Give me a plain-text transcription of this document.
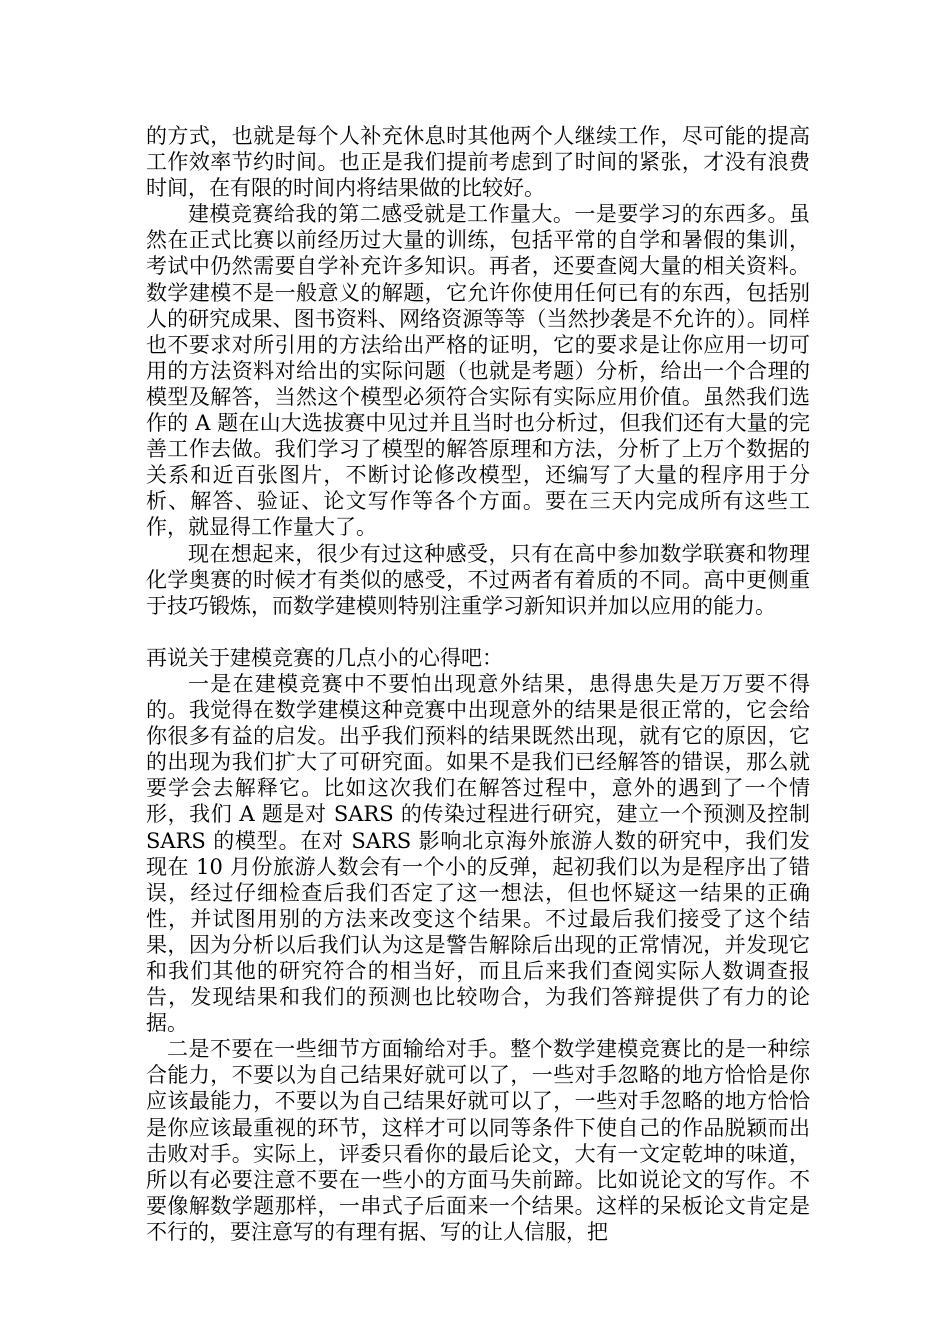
的方式，也就是每个人补充休息时其他两个人继续工作，尽可能的提高工作效率节约时间。也正是我们提前考虑到了时间的紧张，才没有浪费时间，在有限的时间内将结果做的比较好。

建模竞赛给我的第二感受就是工作量大。一是要学习的东西多。虽然在正式比赛以前经历过大量的训练，包括平常的自学和暑假的集训，考试中仍然需要自学补充许多知识。再者，还要查阅大量的相关资料。数学建模不是一般意义的解题，它允许你使用任何已有的东西，包括别人的研究成果、图书资料、网络资源等等（当然抄袭是不允许的）。同样也不要求对所引用的方法给出严格的证明，它的要求是让你应用一切可用的方法资料对给出的实际问题（也就是考题）分析，给出一个合理的模型及解答，当然这个模型必须符合实际有实际应用价值。虽然我们选作的 A 题在山大选拔赛中见过并且当时也分析过，但我们还有大量的完善工作去做。我们学习了模型的解答原理和方法，分析了上万个数据的关系和近百张图片，不断讨论修改模型，还编写了大量的程序用于分析、解答、验证、论文写作等各个方面。要在三天内完成所有这些工作，就显得工作量大了。

现在想起来，很少有过这种感受，只有在高中参加数学联赛和物理化学奥赛的时候才有类似的感受，不过两者有着质的不同。高中更侧重于技巧锻炼，而数学建模则特别注重学习新知识并加以应用的能力。

再说关于建模竞赛的几点小的心得吧：

一是在建模竞赛中不要怕出现意外结果，患得患失是万万要不得的。我觉得在数学建模这种竞赛中出现意外的结果是很正常的，它会给你很多有益的启发。出乎我们预料的结果既然出现，就有它的原因，它的出现为我们扩大了可研究面。如果不是我们已经解答的错误，那么就要学会去解释它。比如这次我们在解答过程中，意外的遇到了一个情形，我们 A 题是对 SARS 的传染过程进行研究，建立一个预测及控制 SARS 的模型。在对 SARS 影响北京海外旅游人数的研究中，我们发现在 10 月份旅游人数会有一个小的反弹，起初我们以为是程序出了错误，经过仔细检查后我们否定了这一想法，但也怀疑这一结果的正确性，并试图用别的方法来改变这个结果。不过最后我们接受了这个结果，因为分析以后我们认为这是警告解除后出现的正常情况，并发现它和我们其他的研究符合的相当好，而且后来我们查阅实际人数调查报告，发现结果和我们的预测也比较吻合，为我们答辩提供了有力的论据。

二是不要在一些细节方面输给对手。整个数学建模竞赛比的是一种综合能力，不要以为自己结果好就可以了，一些对手忽略的地方恰恰是你应该最能力，不要以为自己结果好就可以了，一些对手忽略的地方恰恰是你应该最重视的环节，这样才可以同等条件下使自己的作品脱颖而出击败对手。实际上，评委只看你的最后论文，大有一文定乾坤的味道，所以有必要注意不要在一些小的方面马失前蹄。比如说论文的写作。不要像解数学题那样，一串式子后面来一个结果。这样的呆板论文肯定是不行的，要注意写的有理有据、写的让人信服，把
